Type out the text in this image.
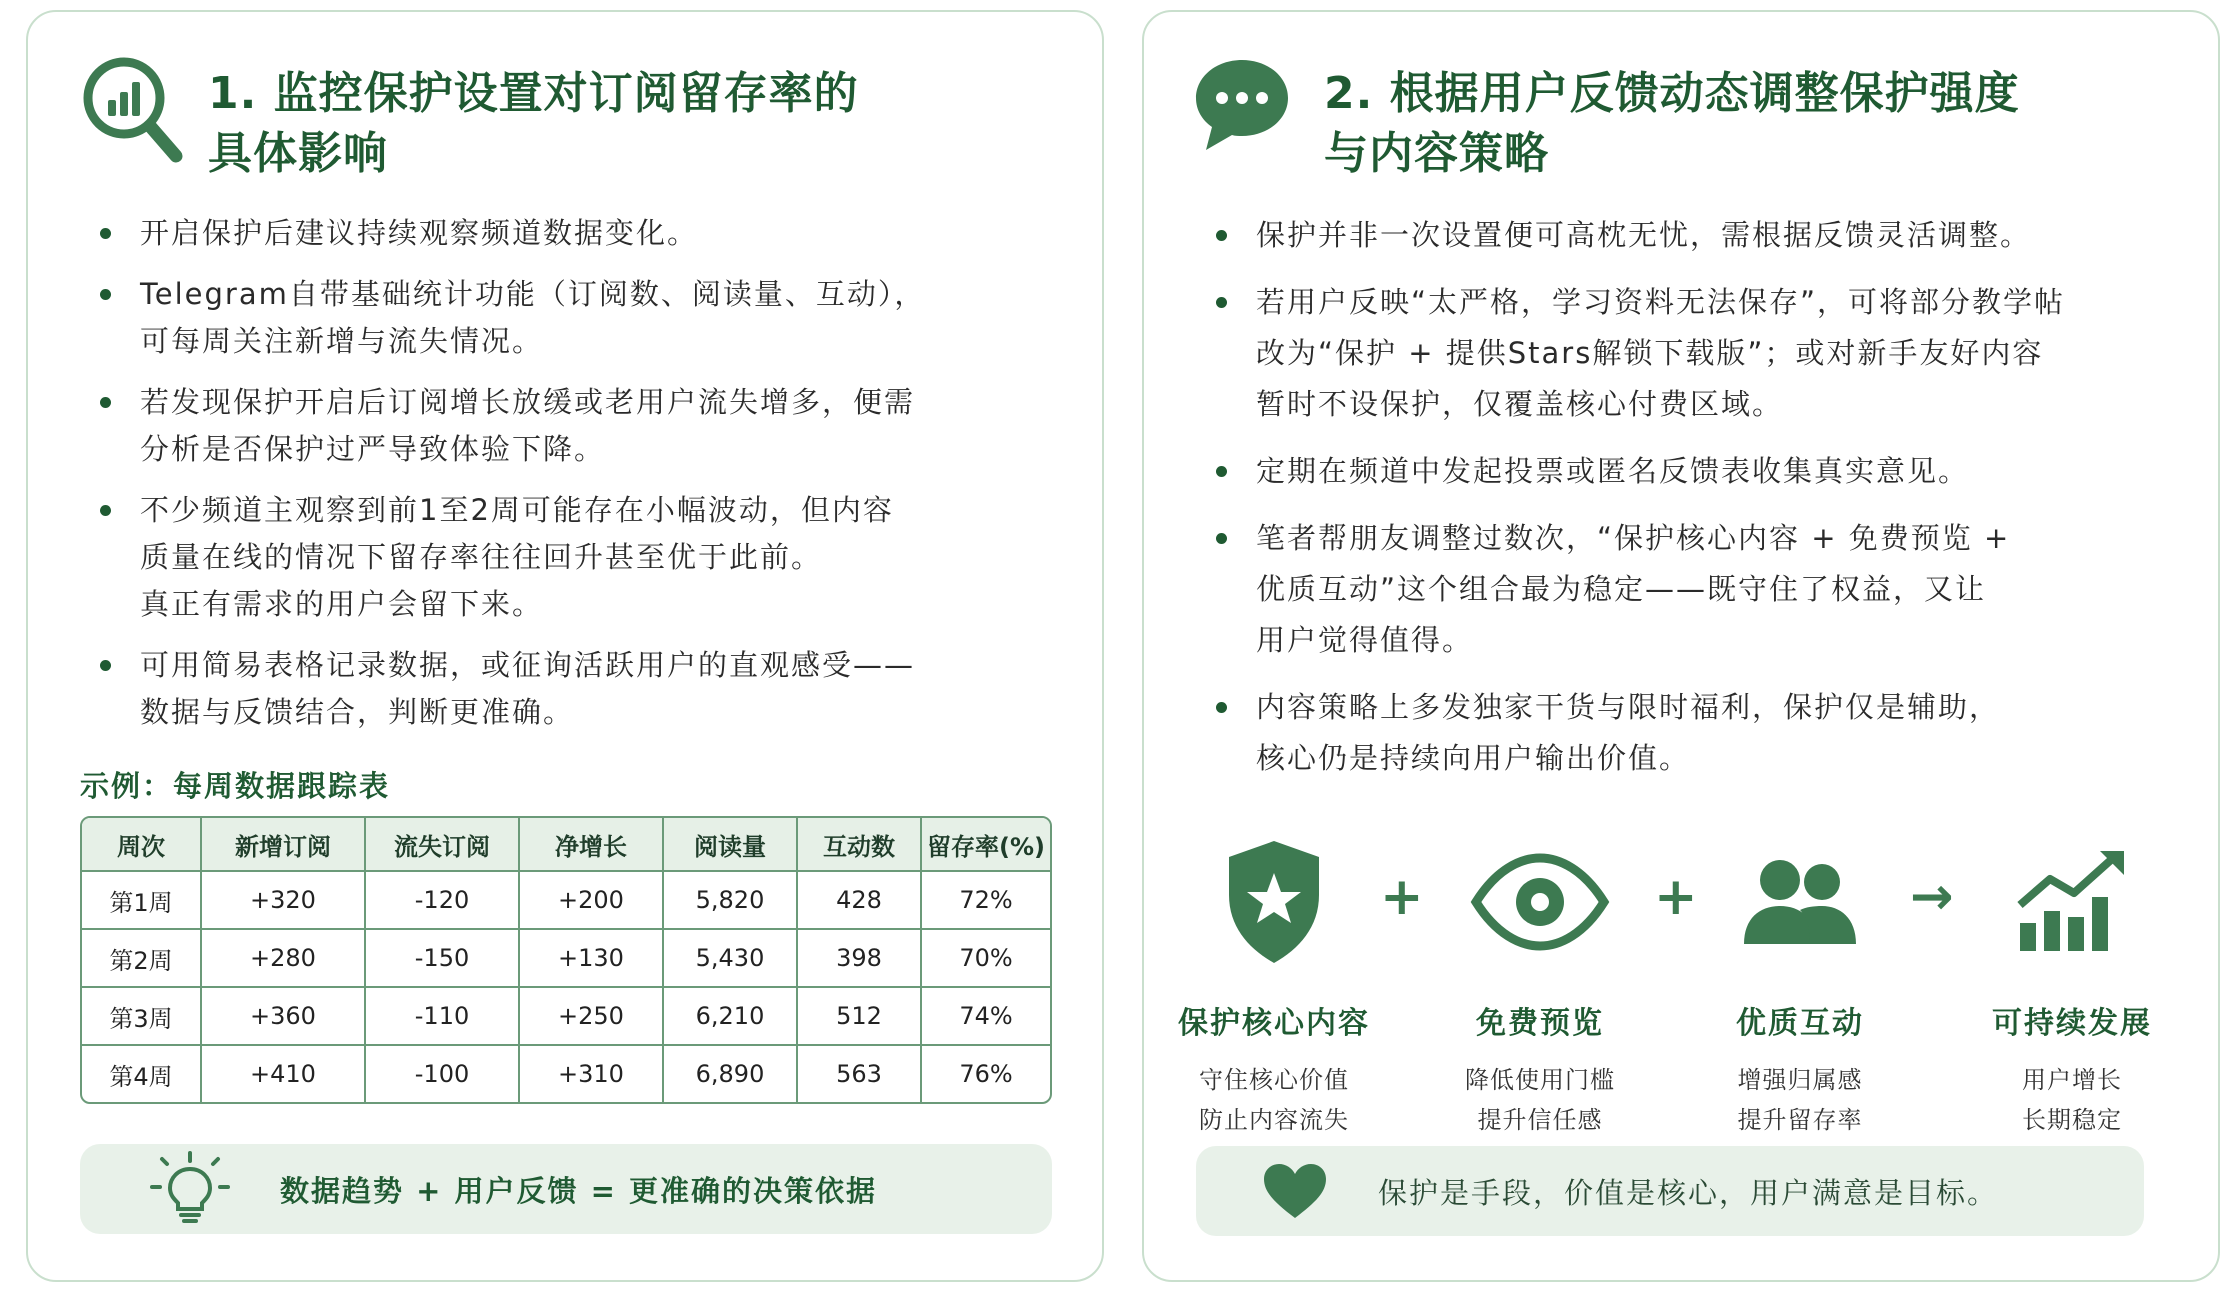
1. 监控保护设置对订阅留存率的
具体影响
开启保护后建议持续观察频道数据变化。
Telegram自带基础统计功能（订阅数、阅读量、互动），
可每周关注新增与流失情况。
若发现保护开启后订阅增长放缓或老用户流失增多，便需
分析是否保护过严导致体验下降。
不少频道主观察到前1至2周可能存在小幅波动，但内容
质量在线的情况下留存率往往回升甚至优于此前。
真正有需求的用户会留下来。
可用简易表格记录数据，或征询活跃用户的直观感受——
数据与反馈结合，判断更准确。
示例：每周数据跟踪表
周次	新增订阅	流失订阅	净增长	阅读量	互动数	留存率(%)
第1周	+320	-120	+200	5,820	428	72%
第2周	+280	-150	+130	5,430	398	70%
第3周	+360	-110	+250	6,210	512	74%
第4周	+410	-100	+310	6,890	563	76%
数据趋势 + 用户反馈 = 更准确的决策依据
2. 根据用户反馈动态调整保护强度
与内容策略
保护并非一次设置便可高枕无忧，需根据反馈灵活调整。
若用户反映“太严格，学习资料无法保存”，可将部分教学帖
改为“保护 + 提供Stars解锁下载版”；或对新手友好内容
暂时不设保护，仅覆盖核心付费区域。
定期在频道中发起投票或匿名反馈表收集真实意见。
笔者帮朋友调整过数次，“保护核心内容 + 免费预览 +
优质互动”这个组合最为稳定——既守住了权益，又让
用户觉得值得。
内容策略上多发独家干货与限时福利，保护仅是辅助，
核心仍是持续向用户输出价值。
保护核心内容
守住核心价值
防止内容流失
+
免费预览
降低使用门槛
提升信任感
+
优质互动
增强归属感
提升留存率
→
可持续发展
用户增长
长期稳定
保护是手段，价值是核心，用户满意是目标。
